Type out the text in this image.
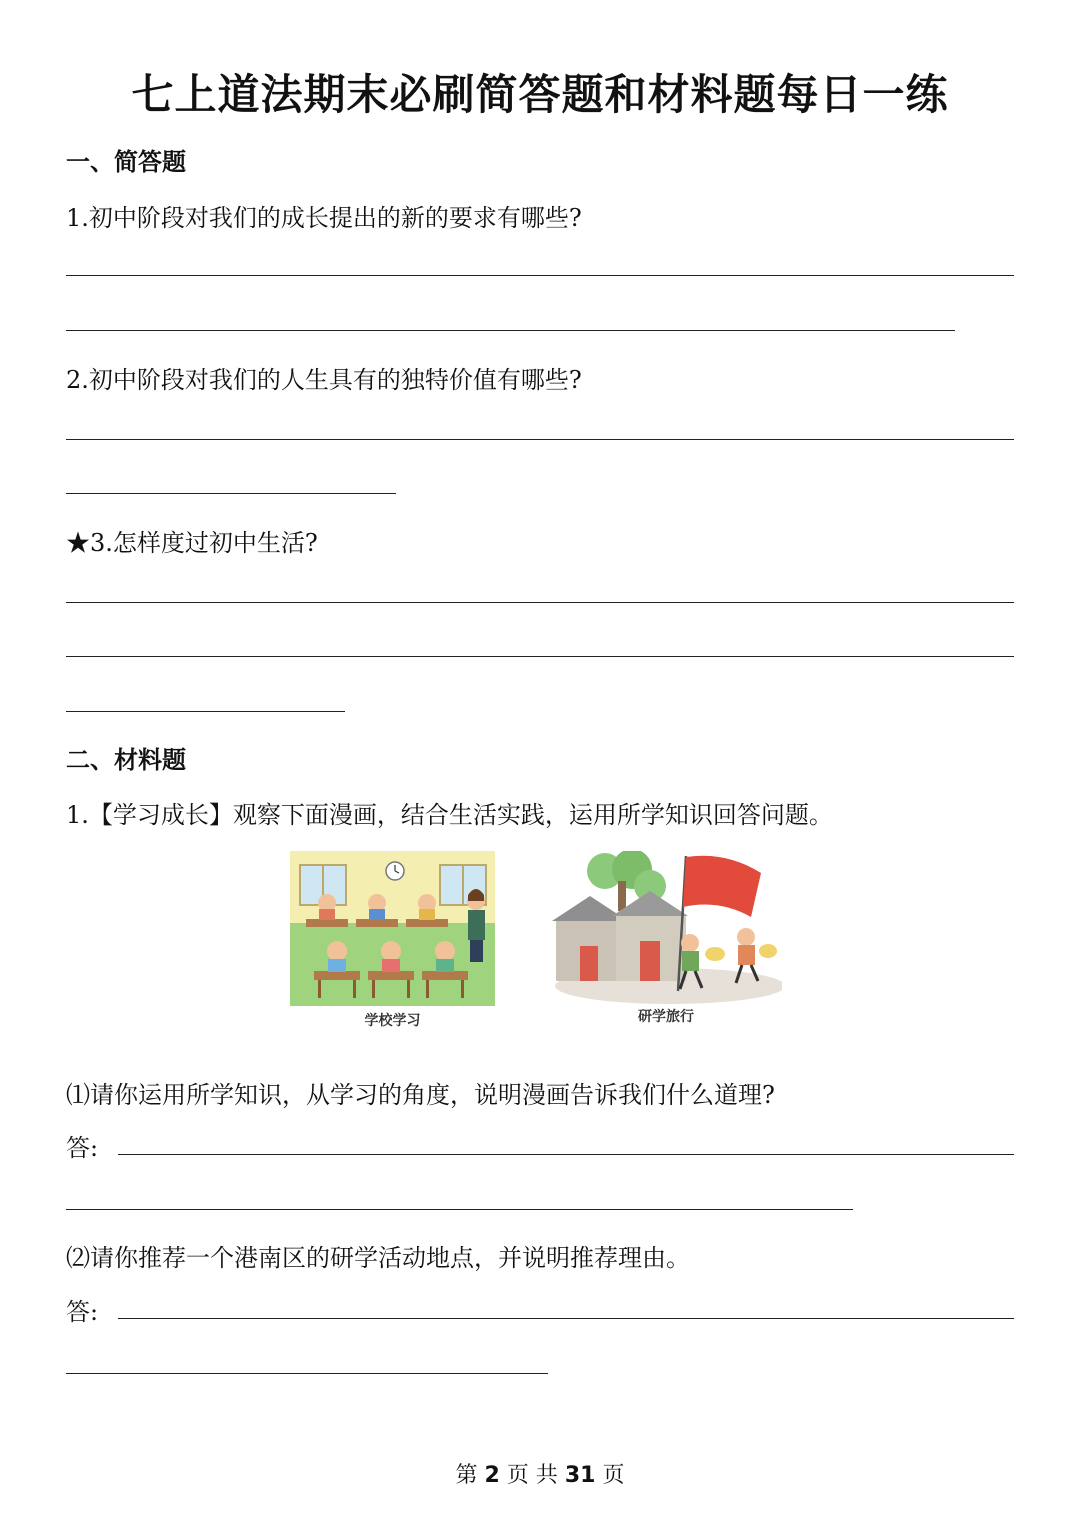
七上道法期末必刷简答题和材料题每日一练
一、简答题
1.初中阶段对我们的成长提出的新的要求有哪些?
2.初中阶段对我们的人生具有的独特价值有哪些?
★3.怎样度过初中生活?
二、材料题
1.【学习成长】观察下面漫画，结合生活实践，运用所学知识回答问题。
学校学习	研学旅行
⑴请你运用所学知识，从学习的角度，说明漫画告诉我们什么道理?
答:
⑵请你推荐一个港南区的研学活动地点，并说明推荐理由。
答:
第 2 页 共 31 页
